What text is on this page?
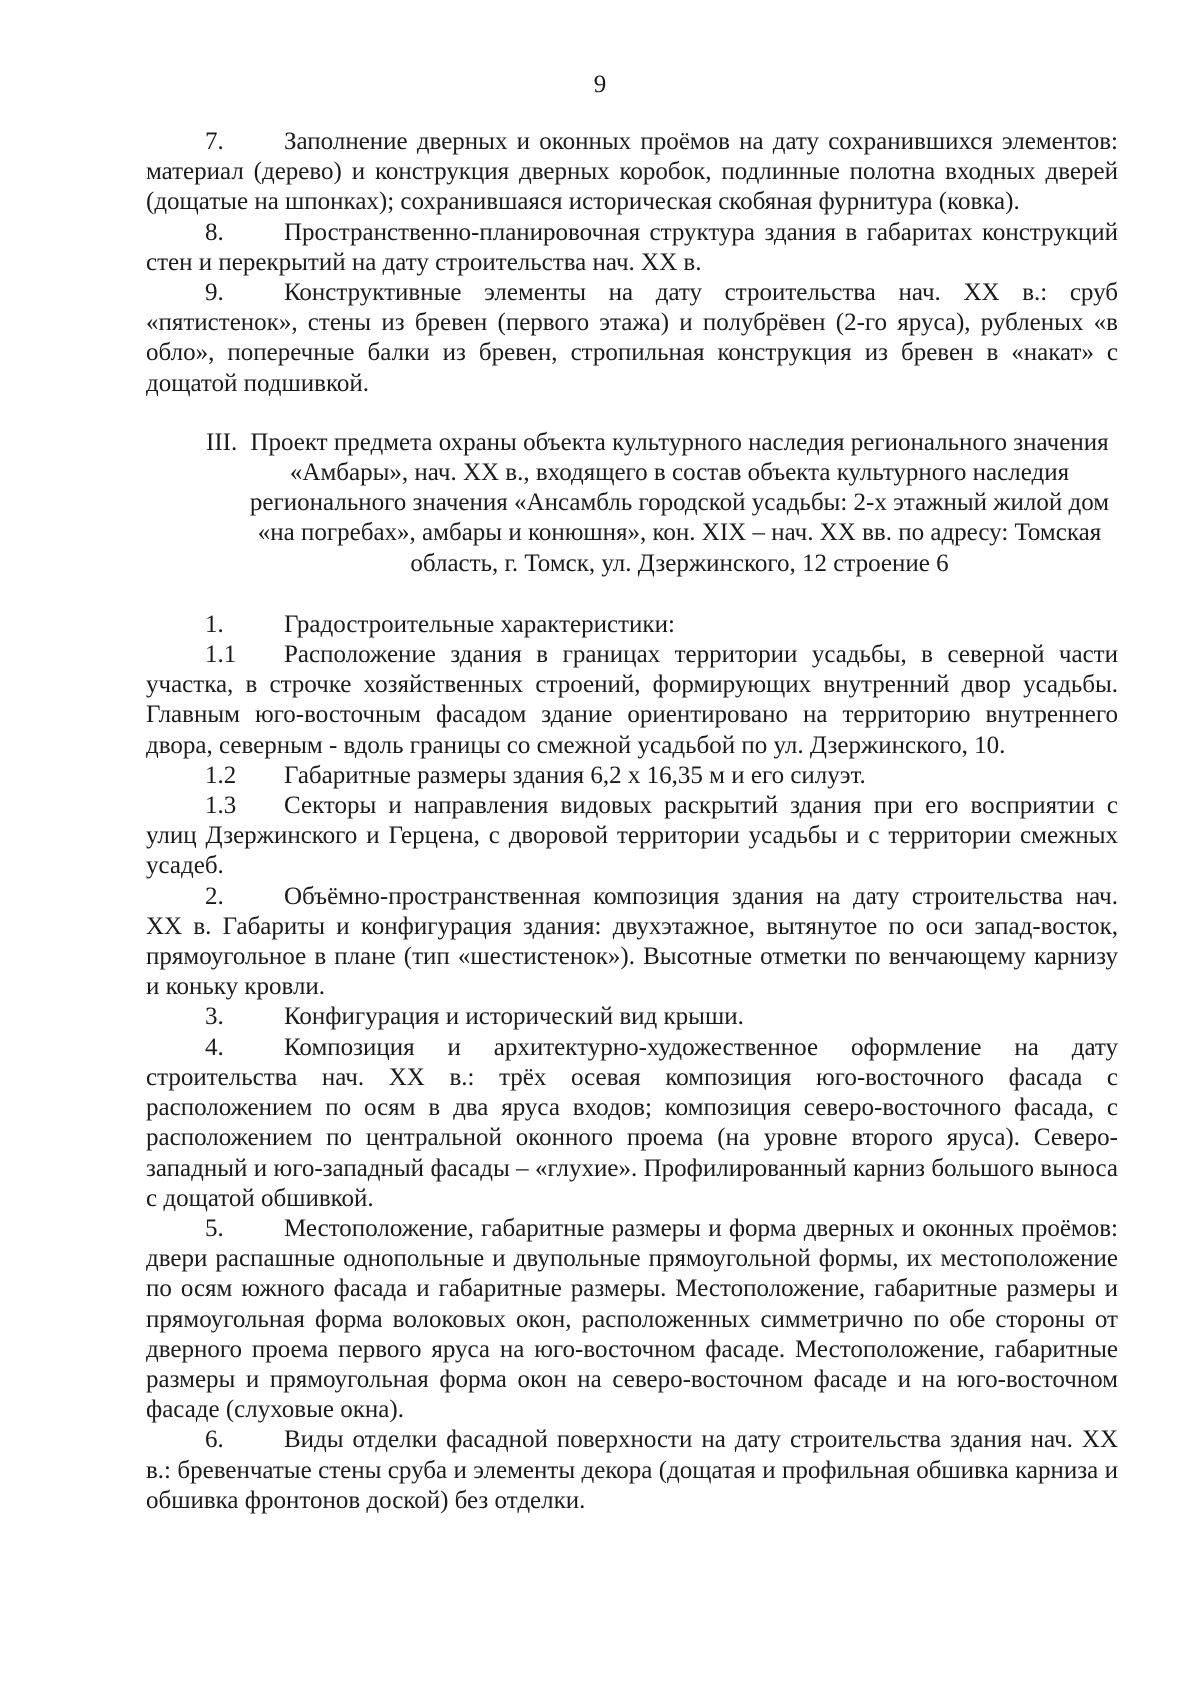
9

7. Заполнение дверных и оконных проёмов на дату сохранившихся элементов: материал (дерево) и конструкция дверных коробок, подлинные полотна входных дверей (дощатые на шпонках); сохранившаяся историческая скобяная фурнитура (ковка).

8. Пространственно-планировочная структура здания в габаритах конструкций стен и перекрытий на дату строительства нач. XX в.

9. Конструктивные элементы на дату строительства нач. XX в.: сруб «пятистенок», стены из бревен (первого этажа) и полубрёвен (2-го яруса), рубленых «в обло», поперечные балки из бревен, стропильная конструкция из бревен в «накат» с дощатой подшивкой.

III. Проект предмета охраны объекта культурного наследия регионального значения «Амбары», нач. XX в., входящего в состав объекта культурного наследия регионального значения «Ансамбль городской усадьбы: 2-х этажный жилой дом «на погребах», амбары и конюшня», кон. XIX – нач. XX вв. по адресу: Томская область, г. Томск, ул. Дзержинского, 12 строение 6

1. Градостроительные характеристики:

1.1 Расположение здания в границах территории усадьбы, в северной части участка, в строчке хозяйственных строений, формирующих внутренний двор усадьбы. Главным юго-восточным фасадом здание ориентировано на территорию внутреннего двора, северным - вдоль границы со смежной усадьбой по ул. Дзержинского, 10.

1.2 Габаритные размеры здания 6,2 х 16,35 м и его силуэт.

1.3 Секторы и направления видовых раскрытий здания при его восприятии с улиц Дзержинского и Герцена, с дворовой территории усадьбы и с территории смежных усадеб.

2. Объёмно-пространственная композиция здания на дату строительства нач. XX в. Габариты и конфигурация здания: двухэтажное, вытянутое по оси запад-восток, прямоугольное в плане (тип «шестистенок»). Высотные отметки по венчающему карнизу и коньку кровли.

3. Конфигурация и исторический вид крыши.

4. Композиция и архитектурно-художественное оформление на дату строительства нач. XX в.: трёх осевая композиция юго-восточного фасада с расположением по осям в два яруса входов; композиция северо-восточного фасада, с расположением по центральной оконного проема (на уровне второго яруса). Северо-западный и юго-западный фасады – «глухие». Профилированный карниз большого выноса с дощатой обшивкой.

5. Местоположение, габаритные размеры и форма дверных и оконных проёмов: двери распашные однопольные и двупольные прямоугольной формы, их местоположение по осям южного фасада и габаритные размеры. Местоположение, габаритные размеры и прямоугольная форма волоковых окон, расположенных симметрично по обе стороны от дверного проема первого яруса на юго-восточном фасаде. Местоположение, габаритные размеры и прямоугольная форма окон на северо-восточном фасаде и на юго-восточном фасаде (слуховые окна).

6. Виды отделки фасадной поверхности на дату строительства здания нач. XX в.: бревенчатые стены сруба и элементы декора (дощатая и профильная обшивка карниза и обшивка фронтонов доской) без отделки.
